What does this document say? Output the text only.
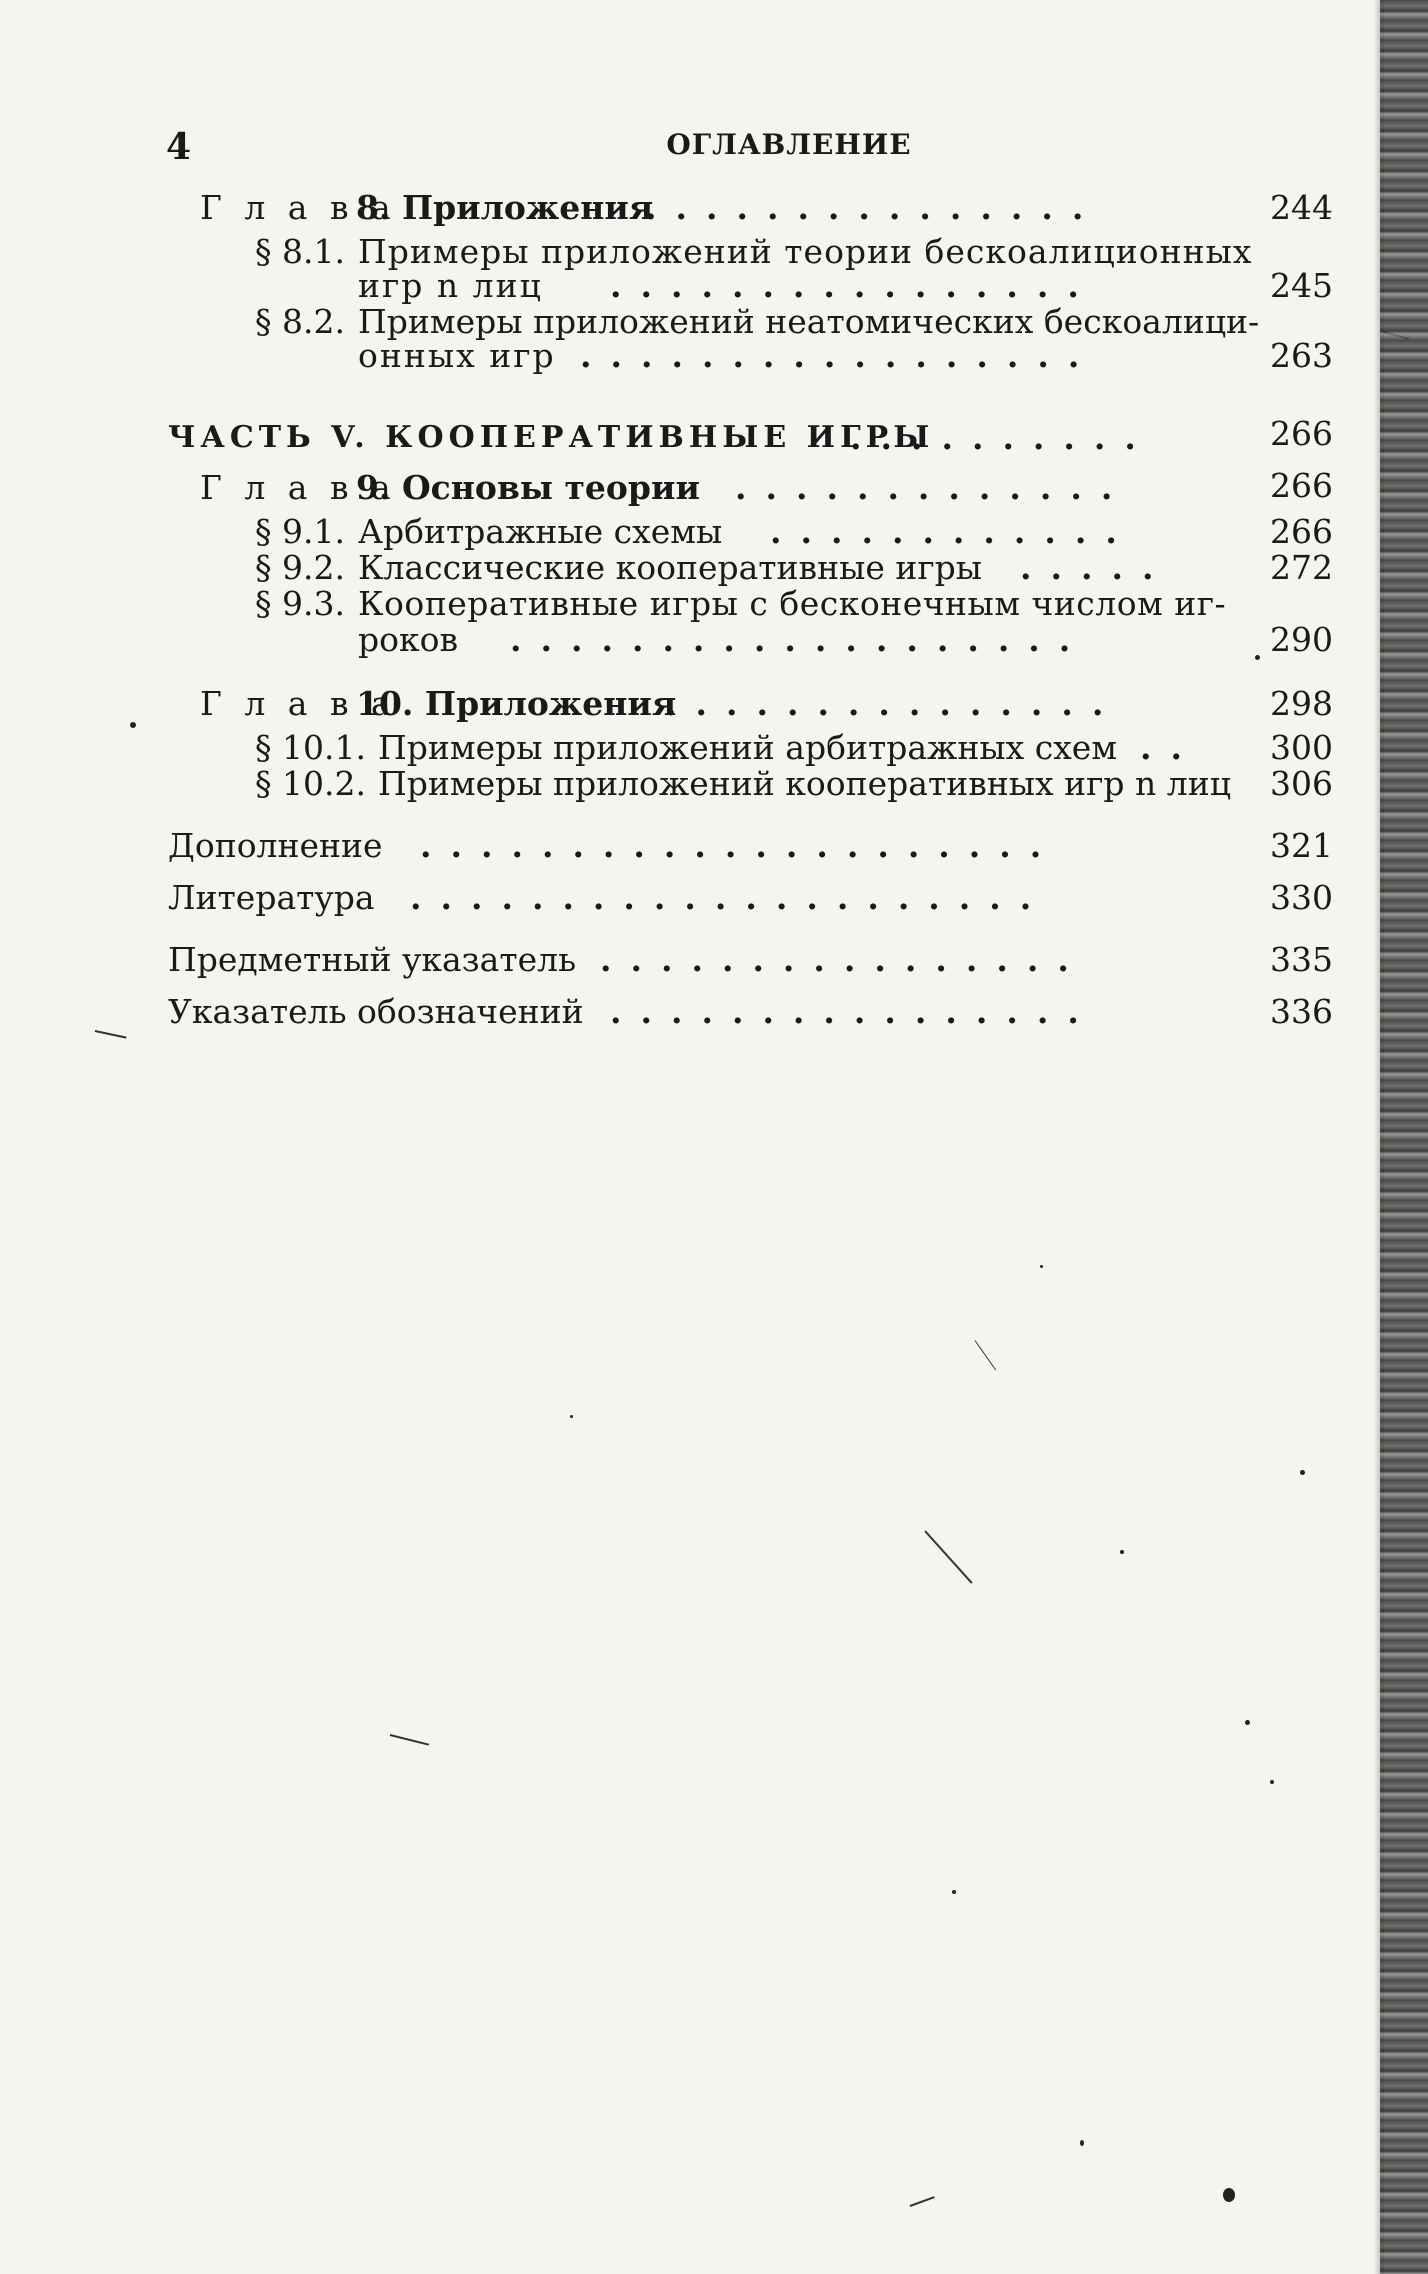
4	ОГЛАВЛЕНИЕ
Г л а в а
8. Приложения
...............	244
§ 8.1. Примеры приложений теории бескоалиционных
игр n лиц ................	245
§ 8.2. Примеры приложений неатомических бескоалици-
онных игр .................	263
ЧАСТЬ V. КООПЕРАТИВНЫЕ ИГРЫ
..........	266
Г л а в а
9. Основы теории .............	266
§ 9.1. Арбитражные схемы ............	266
§ 9.2. Классические кооперативные игры .....	272
§ 9.3. Кооперативные игры с бесконечным числом иг-
роков ...................	290
Г л а в а
10. Приложения
...............	298
§ 10.1. Примеры приложений арбитражных схем ..	300
§ 10.2. Примеры приложений кооперативных игр n лиц	306
Дополнение .....................	321
Литература .....................	330
Предметный указатель ................	335
Указатель обозначений ................	336
